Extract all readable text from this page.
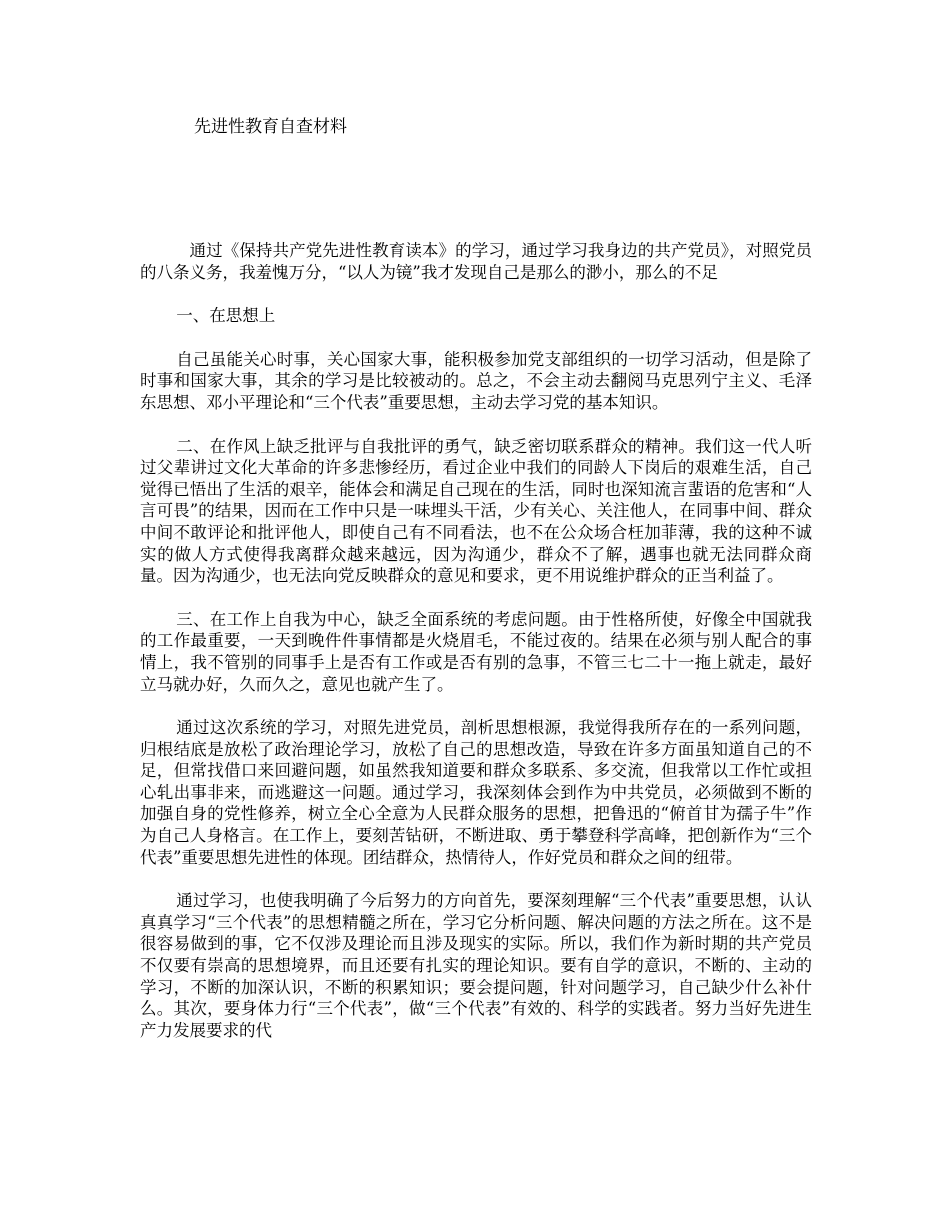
先进性教育自查材料

通过《保持共产党先进性教育读本》的学习，通过学习我身边的共产党员》，对照党员的八条义务，我羞愧万分，“以人为镜”我才发现自己是那么的渺小，那么的不足

一、在思想上

自己虽能关心时事，关心国家大事，能积极参加党支部组织的一切学习活动，但是除了时事和国家大事，其余的学习是比较被动的。总之，不会主动去翻阅马克思列宁主义、毛泽东思想、邓小平理论和“三个代表”重要思想，主动去学习党的基本知识。

二、在作风上缺乏批评与自我批评的勇气，缺乏密切联系群众的精神。我们这一代人听过父辈讲过文化大革命的许多悲惨经历，看过企业中我们的同龄人下岗后的艰难生活，自己觉得已悟出了生活的艰辛，能体会和满足自己现在的生活，同时也深知流言蜚语的危害和“人言可畏”的结果，因而在工作中只是一味埋头干活，少有关心、关注他人，在同事中间、群众中间不敢评论和批评他人，即使自己有不同看法，也不在公众场合枉加菲薄，我的这种不诚实的做人方式使得我离群众越来越远，因为沟通少，群众不了解，遇事也就无法同群众商量。因为沟通少，也无法向党反映群众的意见和要求，更不用说维护群众的正当利益了。

三、在工作上自我为中心，缺乏全面系统的考虑问题。由于性格所使，好像全中国就我的工作最重要，一天到晚件件事情都是火烧眉毛，不能过夜的。结果在必须与别人配合的事情上，我不管别的同事手上是否有工作或是否有别的急事，不管三七二十一拖上就走，最好立马就办好，久而久之，意见也就产生了。

通过这次系统的学习，对照先进党员，剖析思想根源，我觉得我所存在的一系列问题，归根结底是放松了政治理论学习，放松了自己的思想改造，导致在许多方面虽知道自己的不足，但常找借口来回避问题，如虽然我知道要和群众多联系、多交流，但我常以工作忙或担心轧出事非来，而逃避这一问题。通过学习，我深刻体会到作为中共党员，必须做到不断的加强自身的党性修养，树立全心全意为人民群众服务的思想，把鲁迅的“俯首甘为孺子牛”作为自己人身格言。在工作上，要刻苦钻研，不断进取、勇于攀登科学高峰，把创新作为“三个代表”重要思想先进性的体现。团结群众，热情待人，作好党员和群众之间的纽带。

通过学习，也使我明确了今后努力的方向首先，要深刻理解“三个代表”重要思想，认认真真学习“三个代表”的思想精髓之所在，学习它分析问题、解决问题的方法之所在。这不是很容易做到的事，它不仅涉及理论而且涉及现实的实际。所以，我们作为新时期的共产党员不仅要有崇高的思想境界，而且还要有扎实的理论知识。要有自学的意识，不断的、主动的学习，不断的加深认识，不断的积累知识；要会提问题，针对问题学习，自己缺少什么补什么。其次，要身体力行“三个代表”，做“三个代表”有效的、科学的实践者。努力当好先进生产力发展要求的代
